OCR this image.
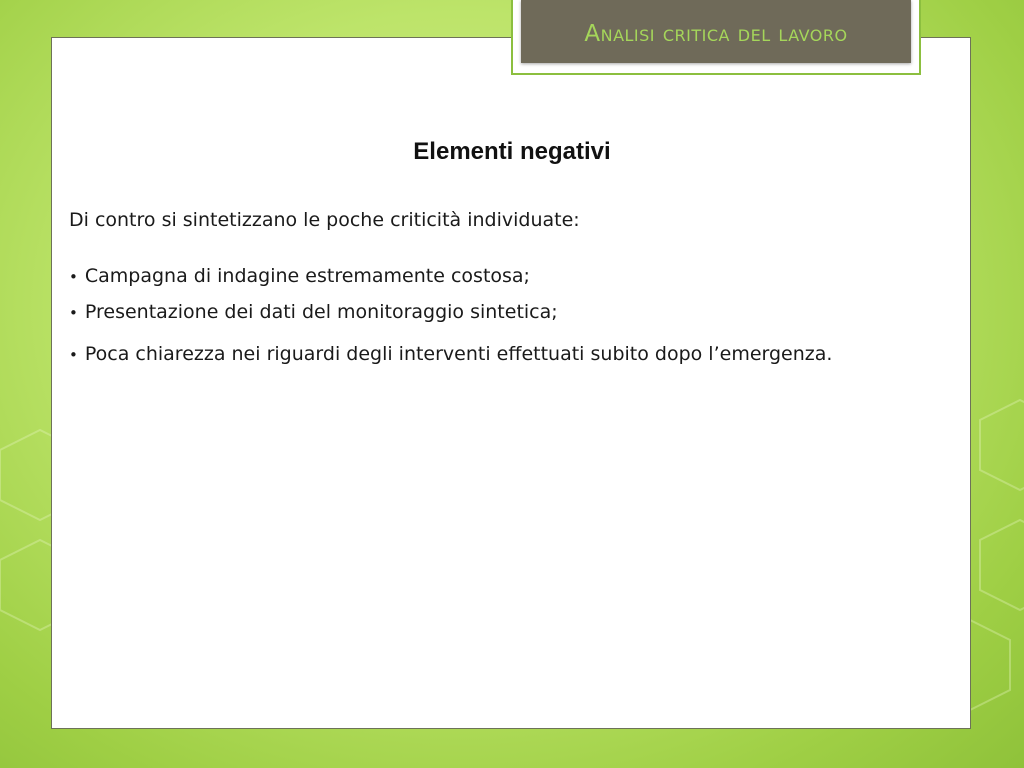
Elementi negativi
Di contro si sintetizzano le poche criticità individuate:
• Campagna di indagine estremamente costosa;
• Presentazione dei dati del monitoraggio sintetica;
• Poca chiarezza nei riguardi degli interventi effettuati subito dopo l’emergenza.
Analisi critica del lavoro
